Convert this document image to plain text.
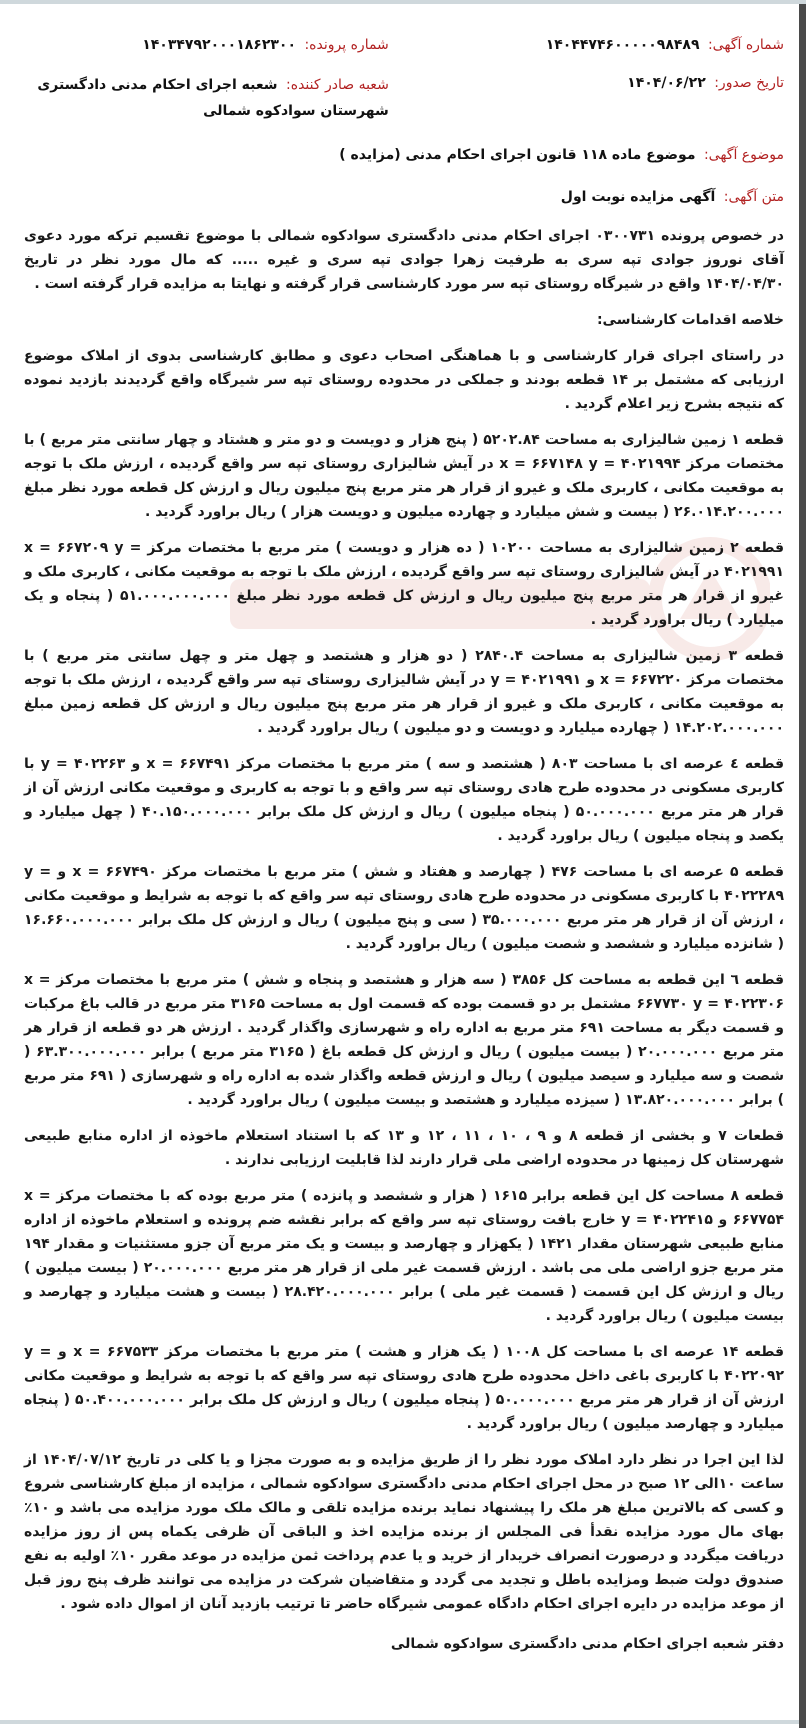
شماره آگهی: ۱۴۰۴۴۷۴۶۰۰۰۰۰۹۸۴۸۹
شماره پرونده: ۱۴۰۳۴۷۹۲۰۰۰۱۸۶۲۳۰۰
تاریخ صدور: ۱۴۰۴/۰۶/۲۲
شعبه صادر کننده: شعبه اجرای احکام مدنی دادگستری شهرستان سوادکوه شمالی
موضوع آگهی: موضوع ماده ۱۱۸ قانون اجرای احکام مدنی (مزایده )
متن آگهی: آگهی مزایده نوبت اول

در خصوص پرونده ۰۳۰۰۷۳۱ اجرای احکام مدنی دادگستری سوادکوه شمالی با موضوع تقسیم ترکه مورد دعوی آقای نوروز جوادی تپه سری به طرفیت زهرا جوادی تپه سری و غیره ..... که مال مورد نظر در تاریخ ۱۴۰۴/۰۴/۳۰ واقع در شیرگاه روستای تپه سر مورد کارشناسی قرار گرفته و نهایتا به مزایده قرار گرفته است .

خلاصه اقدامات کارشناسی:

در راستای اجرای قرار کارشناسی و با هماهنگی اصحاب دعوی و مطابق کارشناسی بدوی از املاک موضوع ارزیابی که مشتمل بر ۱۴ قطعه بودند و جملکی در محدوده روستای تپه سر شیرگاه واقع گردیدند بازدید نموده که نتیجه بشرح زیر اعلام گردید .

قطعه ۱ زمین شالیزاری به مساحت ۵۲۰۲.۸۴ ( پنج هزار و دویست و دو متر و هشتاد و چهار سانتی متر مربع ) با مختصات مرکز x = ۶۶۷۱۴۸ y = ۴۰۲۱۹۹۴ در آیش شالیزاری روستای تپه سر واقع گردیده ، ارزش ملک با توجه به موقعیت مکانی ، کاربری ملک و غیرو از قرار هر متر مربع پنج میلیون ریال و ارزش کل قطعه مورد نظر مبلغ ۲۶.۰۱۴.۲۰۰.۰۰۰ ( بیست و شش میلیارد و چهارده میلیون و دویست هزار ) ریال براورد گردید .

قطعه ۲ زمین شالیزاری به مساحت ۱۰۲۰۰ ( ده هزار و دویست ) متر مربع با مختصات مرکز x = ۶۶۷۲۰۹ y = ۴۰۲۱۹۹۱ در آیش شالیزاری روستای تپه سر واقع گردیده ، ارزش ملک با توجه به موقعیت مکانی ، کاربری ملک و غیرو از قرار هر متر مربع پنج میلیون ریال و ارزش کل قطعه مورد نظر مبلغ ۵۱.۰۰۰.۰۰۰.۰۰۰ ( پنجاه و یک میلیارد ) ریال براورد گردید .

قطعه ۳ زمین شالیزاری به مساحت ۲۸۴۰.۴ ( دو هزار و هشتصد و چهل متر و چهل سانتی متر مربع ) با مختصات مرکز x = ۶۶۷۲۲۰ و y = ۴۰۲۱۹۹۱ در آیش شالیزاری روستای تپه سر واقع گردیده ، ارزش ملک با توجه به موقعیت مکانی ، کاربری ملک و غیرو از قرار هر متر مربع پنج میلیون ریال و ارزش کل قطعه زمین مبلغ ۱۴.۲۰۲.۰۰۰.۰۰۰ ( چهارده میلیارد و دویست و دو میلیون ) ریال براورد گردید .

قطعه ٤ عرصه ای با مساحت ۸۰۳ ( هشتصد و سه ) متر مربع با مختصات مرکز x = ۶۶۷۴۹۱ و y = ۴۰۲۲۶۳ با کاربری مسکونی در محدوده طرح هادی روستای تپه سر واقع و با توجه به کاربری و موقعیت مکانی ارزش آن از قرار هر متر مربع ۵۰.۰۰۰.۰۰۰ ( پنجاه میلیون ) ریال و ارزش کل ملک برابر ۴۰.۱۵۰.۰۰۰.۰۰۰ ( چهل میلیارد و یکصد و پنجاه میلیون ) ریال براورد گردید .

قطعه ۵ عرصه ای با مساحت ۴۷۶ ( چهارصد و هفتاد و شش ) متر مربع با مختصات مرکز x = ۶۶۷۴۹۰ و y = ۴۰۲۲۲۸۹ با کاربری مسکونی در محدوده طرح هادی روستای تپه سر واقع که با توجه به شرایط و موقعیت مکانی ، ارزش آن از قرار هر متر مربع ۳۵.۰۰۰.۰۰۰ ( سی و پنج میلیون ) ریال و ارزش کل ملک برابر ۱۶.۶۶۰.۰۰۰.۰۰۰ ( شانزده میلیارد و ششصد و شصت میلیون ) ریال براورد گردید .

قطعه ٦ این قطعه به مساحت کل ۳۸۵۶ ( سه هزار و هشتصد و پنجاه و شش ) متر مربع با مختصات مرکز x = ۶۶۷۷۳۰ y = ۴۰۲۲۳۰۶ مشتمل بر دو قسمت بوده که قسمت اول به مساحت ۳۱۶۵ متر مربع در قالب باغ مرکبات و قسمت دیگر به مساحت ۶۹۱ متر مربع به اداره راه و شهرسازی واگذار گردید . ارزش هر دو قطعه از قرار هر متر مربع ۲۰.۰۰۰.۰۰۰ ( بیست میلیون ) ریال و ارزش کل قطعه باغ ( ۳۱۶۵ متر مربع ) برابر ۶۳.۳۰۰.۰۰۰.۰۰۰ ( شصت و سه میلیارد و سیصد میلیون ) ریال و ارزش قطعه واگذار شده به اداره راه و شهرسازی ( ۶۹۱ متر مربع ) برابر ۱۳.۸۲۰.۰۰۰.۰۰۰ ( سیزده میلیارد و هشتصد و بیست میلیون ) ریال براورد گردید .

قطعات ۷ و بخشی از قطعه ۸ و ۹ ، ۱۰ ، ۱۱ ، ۱۲ و ۱۳ که با استناد استعلام ماخوذه از اداره منابع طبیعی شهرستان کل زمینها در محدوده اراضی ملی قرار دارند لذا قابلیت ارزیابی ندارند .

قطعه ۸ مساحت کل این قطعه برابر ۱۶۱۵ ( هزار و ششصد و پانزده ) متر مربع بوده که با مختصات مرکز x = ۶۶۷۷۵۴ و y = ۴۰۲۲۴۱۵ خارج بافت روستای تپه سر واقع که برابر نقشه ضم پرونده و استعلام ماخوذه از اداره منابع طبیعی شهرستان مقدار ۱۴۲۱ ( یکهزار و چهارصد و بیست و یک متر مربع آن جزو مستثنیات و مقدار ۱۹۴ متر مربع جزو اراضی ملی می باشد . ارزش قسمت غیر ملی از قرار هر متر مربع ۲۰.۰۰۰.۰۰۰ ( بیست میلیون ) ریال و ارزش کل این قسمت ( قسمت غیر ملی ) برابر ۲۸.۴۲۰.۰۰۰.۰۰۰ ( بیست و هشت میلیارد و چهارصد و بیست میلیون ) ریال براورد گردید .

قطعه ۱۴ عرصه ای با مساحت کل ۱۰۰۸ ( یک هزار و هشت ) متر مربع با مختصات مرکز x = ۶۶۷۵۳۳ و y = ۴۰۲۲۰۹۲ با کاربری باغی داخل محدوده طرح هادی روستای تپه سر واقع که با توجه به شرایط و موقعیت مکانی ارزش آن از قرار هر متر مربع ۵۰.۰۰۰.۰۰۰ ( پنجاه میلیون ) ریال و ارزش کل ملک برابر ۵۰.۴۰۰.۰۰۰.۰۰۰ ( پنجاه میلیارد و چهارصد میلیون ) ریال براورد گردید .

لذا این اجرا در نظر دارد املاک مورد نظر را از طریق مزایده و به صورت مجزا و یا کلی در تاریخ ۱۴۰۴/۰۷/۱۲ از ساعت ۱۰الی ۱۲ صبح در محل اجرای احکام مدنی دادگستری سوادکوه شمالی ، مزایده از مبلغ کارشناسی شروع و کسی که بالاترین مبلغ هر ملک را پیشنهاد نماید برنده مزایده تلقی و مالک ملک مورد مزایده می باشد و ۱۰٪ بهای مال مورد مزایده نقدأ فی المجلس از برنده مزایده اخذ و الباقی آن ظرفی یکماه پس از روز مزایده دریافت میگردد و درصورت انصراف خریدار از خرید و یا عدم پرداخت ثمن مزایده در موعد مقرر ۱۰٪ اولیه به نفع صندوق دولت ضبط ومزایده باطل و تجدید می گردد و متقاضیان شرکت در مزایده می توانند ظرف پنج روز قبل از موعد مزایده در دایره اجرای احکام دادگاه عمومی شیرگاه حاضر تا ترتیب بازدید آنان از اموال داده شود .

دفتر شعبه اجرای احکام مدنی دادگستری سوادکوه شمالی
